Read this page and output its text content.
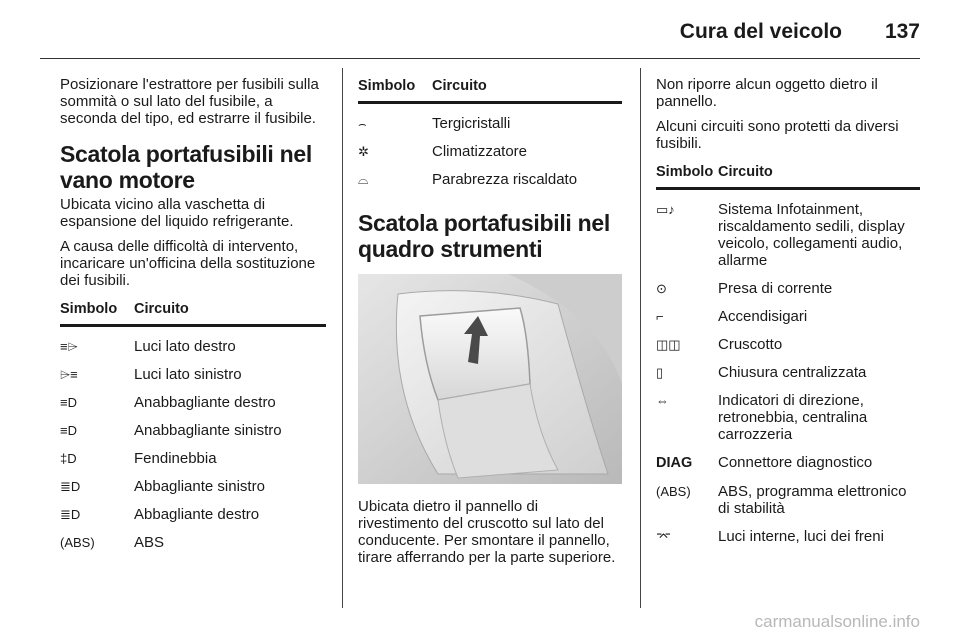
Cura del veicolo 137

Posizionare l'estrattore per fusibili sulla sommità o sul lato del fusibile, a seconda del tipo, ed estrarre il fusibile.

Scatola portafusibili nel vano motore

Ubicata vicino alla vaschetta di espansione del liquido refrigerante.

A causa delle difficoltà di intervento, incaricare un'officina della sostituzione dei fusibili.

Simbolo	Circuito
≡⌲	Luci lato destro
⌲≡	Luci lato sinistro
≡D	Anabbagliante destro
≡D	Anabbagliante sinistro
‡D	Fendinebbia
≣D	Abbagliante sinistro
≣D	Abbagliante destro
(ABS)	ABS
Simbolo	Circuito
⌢	Tergicristalli
✲	Climatizzatore
⌓	Parabrezza riscaldato
Scatola portafusibili nel quadro strumenti

Ubicata dietro il pannello di rivestimento del cruscotto sul lato del conducente. Per smontare il pannello, tirare afferrando per la parte superiore.

Non riporre alcun oggetto dietro il pannello.

Alcuni circuiti sono protetti da diversi fusibili.

Simbolo	Circuito
▭♪	Sistema Infotainment, riscaldamento sedili, display veicolo, collegamenti audio, allarme
⊙	Presa di corrente
⌐	Accendisigari
◫◫	Cruscotto
▯	Chiusura centralizzata
⇔	Indicatori di direzione, retronebbia, centralina carrozzeria
DIAG	Connettore diagnostico
(ABS)	ABS, programma elettronico di stabilità
⌤	Luci interne, luci dei freni
carmanualsonline.info
